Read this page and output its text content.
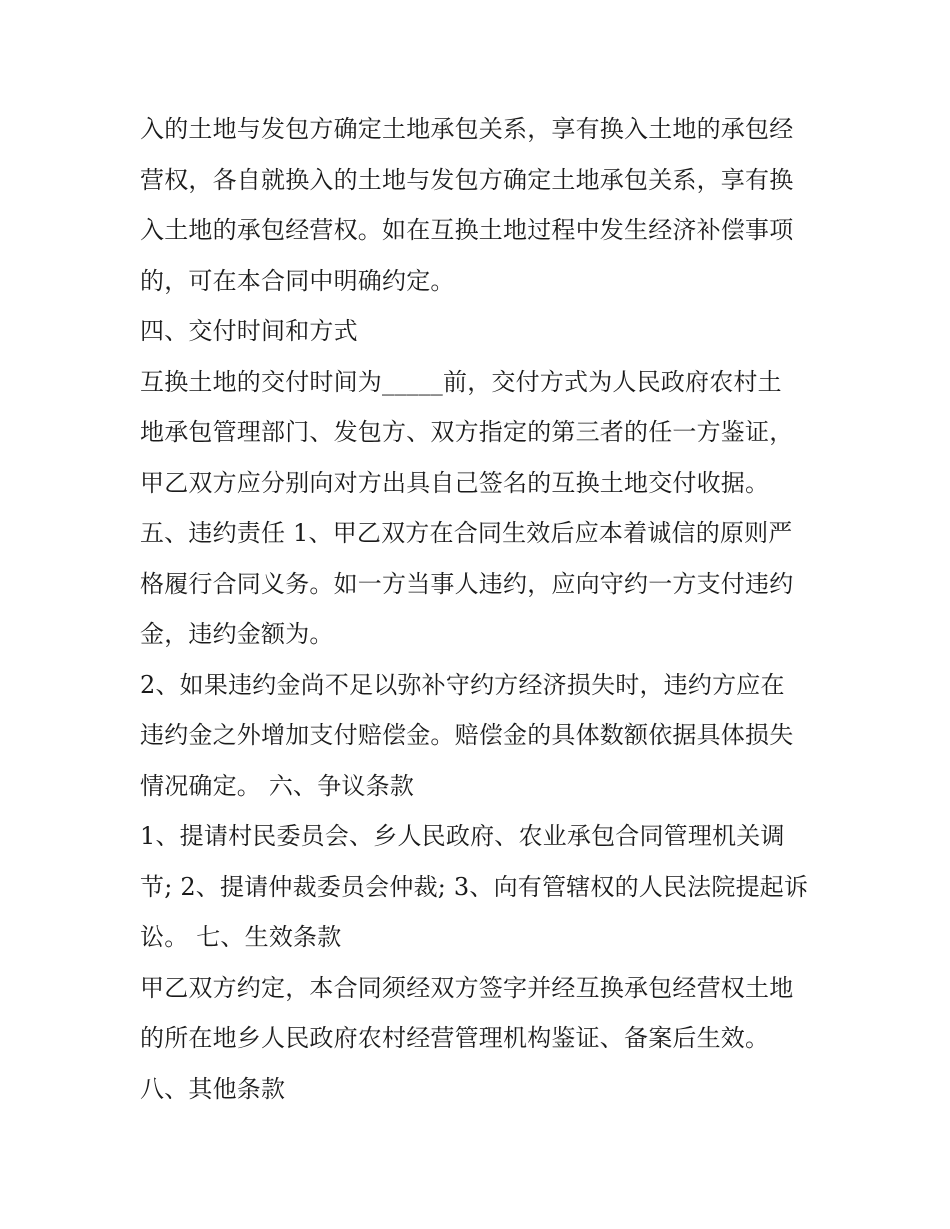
入的土地与发包方确定土地承包关系，享有换入土地的承包经
营权，各自就换入的土地与发包方确定土地承包关系，享有换
入土地的承包经营权。如在互换土地过程中发生经济补偿事项
的，可在本合同中明确约定。
四、交付时间和方式
互换土地的交付时间为_____前，交付方式为人民政府农村土
地承包管理部门、发包方、双方指定的第三者的任一方鉴证，
甲乙双方应分别向对方出具自己签名的互换土地交付收据。
五、违约责任 1、甲乙双方在合同生效后应本着诚信的原则严
格履行合同义务。如一方当事人违约，应向守约一方支付违约
金，违约金额为。
2、如果违约金尚不足以弥补守约方经济损失时，违约方应在
违约金之外增加支付赔偿金。赔偿金的具体数额依据具体损失
情况确定。 六、争议条款
1、提请村民委员会、乡人民政府、农业承包合同管理机关调
节; 2、提请仲裁委员会仲裁; 3、向有管辖权的人民法院提起诉
讼。 七、生效条款
甲乙双方约定，本合同须经双方签字并经互换承包经营权土地
的所在地乡人民政府农村经营管理机构鉴证、备案后生效。
八、其他条款
